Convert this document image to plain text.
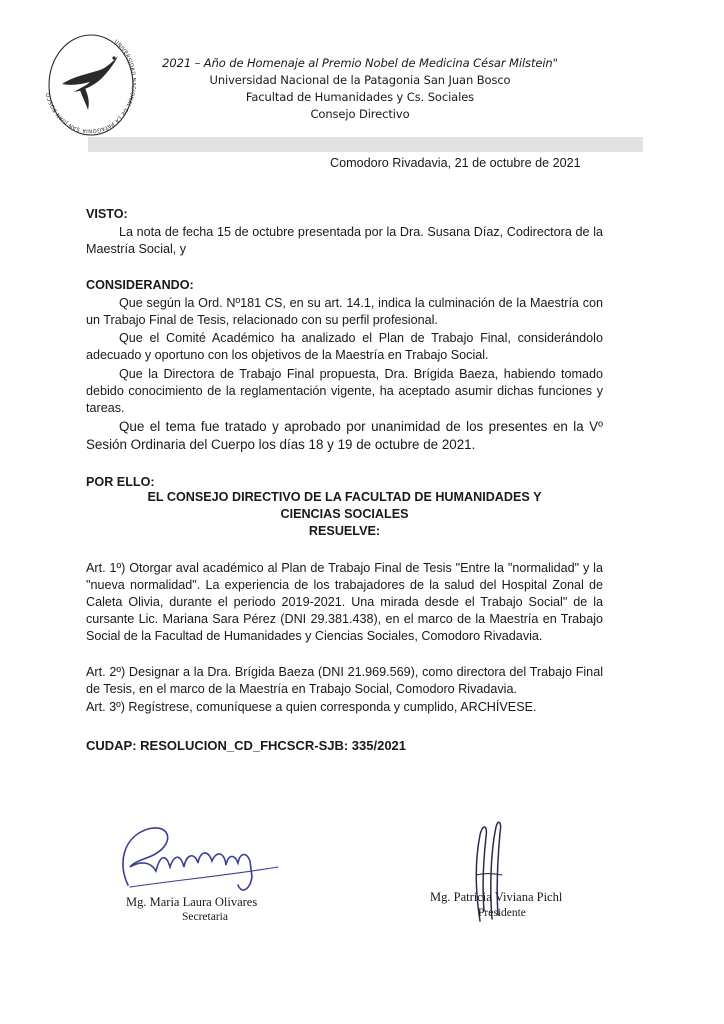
UNIVERSIDAD NACIONAL DE LA PATAGONIA SAN JUAN BOSCO
2021 – Año de Homenaje al Premio Nobel de Medicina César Milstein"
Universidad Nacional de la Patagonia San Juan Bosco
Facultad de Humanidades y Cs. Sociales
Consejo Directivo
Comodoro Rivadavia, 21 de octubre de 2021
VISTO:
La nota de fecha 15 de octubre presentada por la Dra. Susana Díaz, Codirectora de la Maestría Social, y
CONSIDERANDO:
Que según la Ord. Nº181 CS, en su art. 14.1, indica la culminación de la Maestría con un Trabajo Final de Tesis, relacionado con su perfil profesional.
Que el Comité Académico ha analizado el Plan de Trabajo Final, considerándolo adecuado y oportuno con los objetivos de la Maestría en Trabajo Social.
Que la Directora de Trabajo Final propuesta, Dra. Brígida Baeza, habiendo tomado debido conocimiento de la reglamentación vigente, ha aceptado asumir dichas funciones y tareas.
Que el tema fue tratado y aprobado por unanimidad de los presentes en la Vº Sesión Ordinaria del Cuerpo los días 18 y 19 de octubre de 2021.
POR ELLO:
EL CONSEJO DIRECTIVO DE LA FACULTAD DE HUMANIDADES Y
CIENCIAS SOCIALES
RESUELVE:
Art. 1º) Otorgar aval académico al Plan de Trabajo Final de Tesis "Entre la "normalidad" y la "nueva normalidad". La experiencia de los trabajadores de la salud del Hospital Zonal de Caleta Olivia, durante el periodo 2019-2021. Una mirada desde el Trabajo Social" de la cursante Lic. Mariana Sara Pérez (DNI 29.381.438), en el marco de la Maestría en Trabajo Social de la Facultad de Humanidades y Ciencias Sociales, Comodoro Rivadavia.
Art. 2º) Designar a la Dra. Brígida Baeza (DNI 21.969.569), como directora del Trabajo Final de Tesis, en el marco de la Maestría en Trabajo Social, Comodoro Rivadavia.
Art. 3º) Regístrese, comuníquese a quien corresponda y cumplido, ARCHÍVESE.
CUDAP: RESOLUCION_CD_FHCSCR-SJB: 335/2021
Mg. Maria Laura Olivares
Secretaria
Mg. Patricia Viviana Pichl
Presidente
